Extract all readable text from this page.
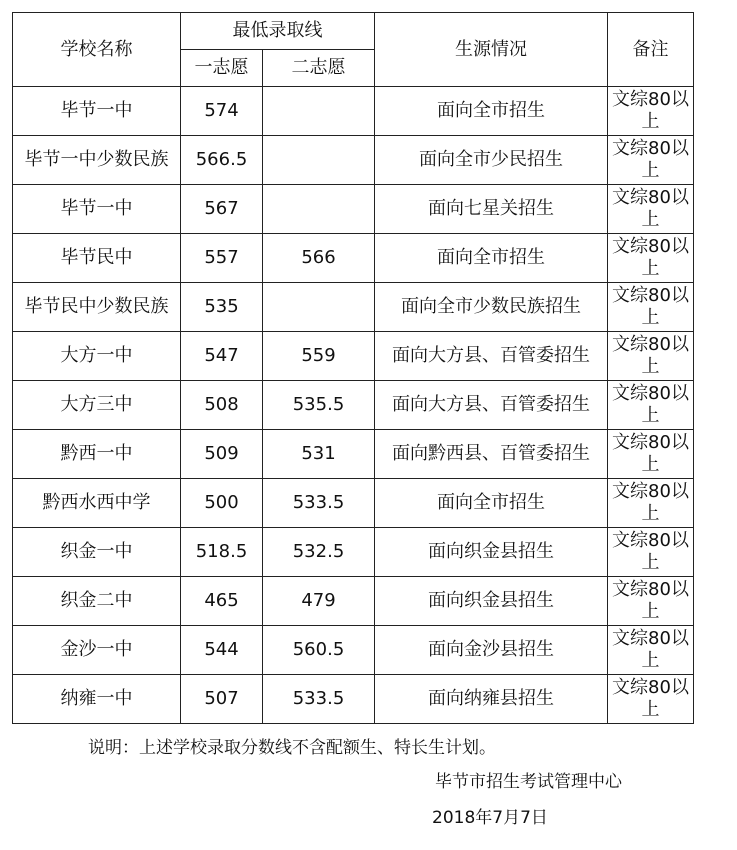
学校名称	最低录取线		生源情况	备注
	一志愿	二志愿		
毕节一中	574		面向全市招生	文综80以上
毕节一中少数民族	566.5		面向全市少民招生	文综80以上
毕节一中	567		面向七星关招生	文综80以上
毕节民中	557	566	面向全市招生	文综80以上
毕节民中少数民族	535		面向全市少数民族招生	文综80以上
大方一中	547	559	面向大方县、百管委招生	文综80以上
大方三中	508	535.5	面向大方县、百管委招生	文综80以上
黔西一中	509	531	面向黔西县、百管委招生	文综80以上
黔西水西中学	500	533.5	面向全市招生	文综80以上
织金一中	518.5	532.5	面向织金县招生	文综80以上
织金二中	465	479	面向织金县招生	文综80以上
金沙一中	544	560.5	面向金沙县招生	文综80以上
纳雍一中	507	533.5	面向纳雍县招生	文综80以上
说明：上述学校录取分数线不含配额生、特长生计划。
毕节市招生考试管理中心
2018年7月7日
